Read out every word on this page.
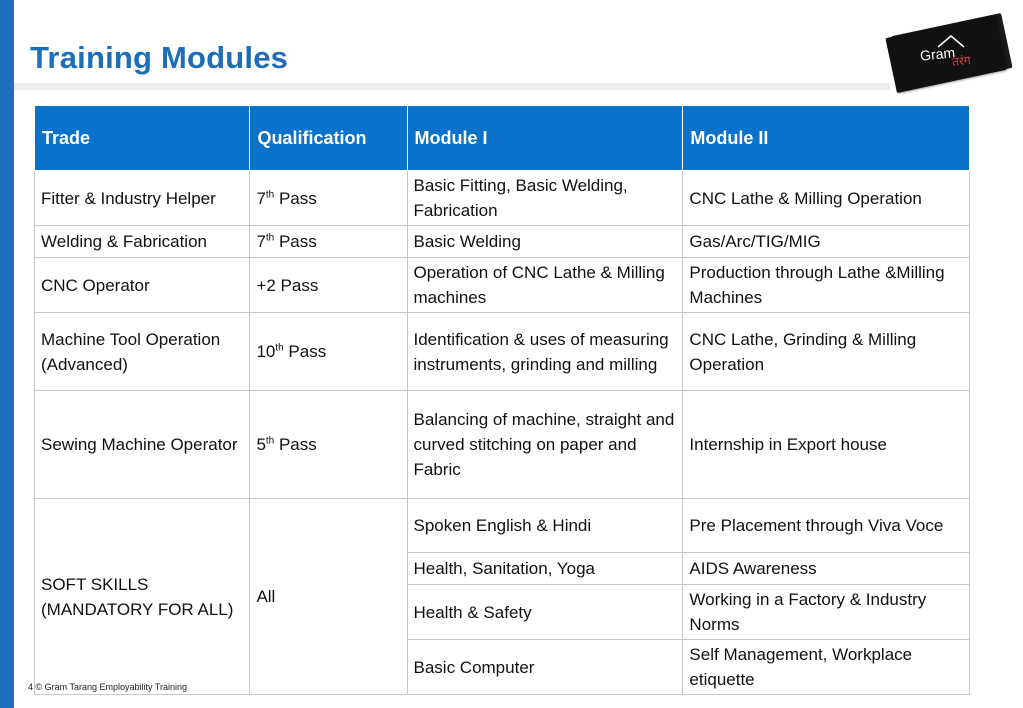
Training Modules	Gram
तरंग
Trade	Qualification	Module I	Module II
Fitter & Industry Helper	7th Pass	Basic Fitting, Basic Welding, Fabrication	CNC Lathe & Milling Operation
Welding & Fabrication	7th Pass	Basic Welding	Gas/Arc/TIG/MIG
CNC Operator	+2 Pass	Operation of CNC Lathe & Milling machines	Production through Lathe &Milling Machines
Machine Tool Operation (Advanced)	10th Pass	Identification & uses of measuring instruments, grinding and milling	CNC Lathe, Grinding & Milling Operation
Sewing Machine Operator	5th Pass	Balancing of machine, straight and curved stitching on paper and Fabric	Internship in Export house
SOFT SKILLS (MANDATORY FOR ALL)	All	Spoken English & Hindi	Pre Placement through Viva Voce
		Health, Sanitation, Yoga	AIDS Awareness
		Health & Safety	Working in a Factory & Industry Norms
		Basic Computer	Self Management, Workplace etiquette
4 © Gram Tarang Employability Training
